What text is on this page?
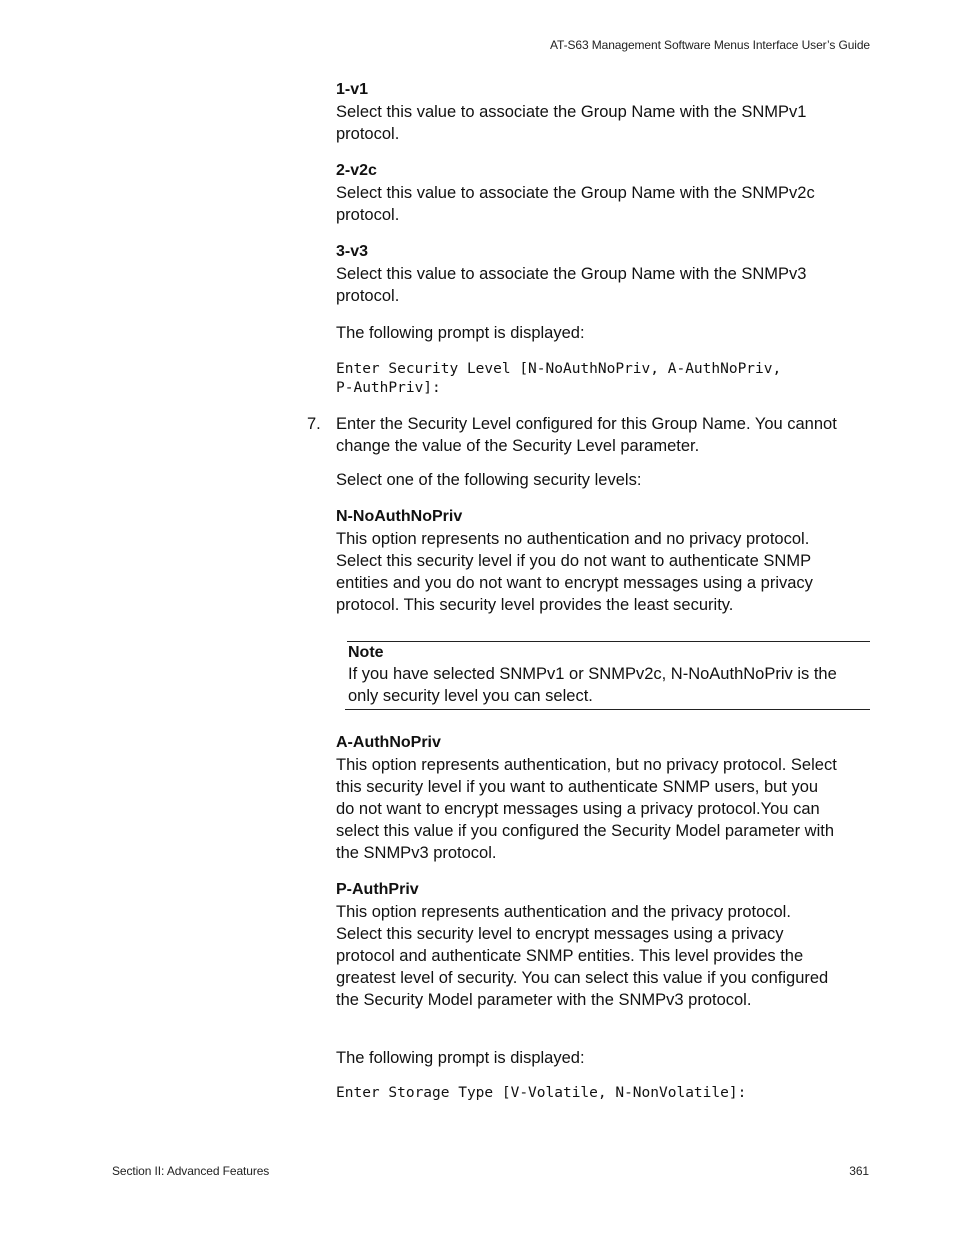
AT-S63 Management Software Menus Interface User’s Guide
1-v1
Select this value to associate the Group Name with the SNMPv1 protocol.
2-v2c
Select this value to associate the Group Name with the SNMPv2c protocol.
3-v3
Select this value to associate the Group Name with the SNMPv3 protocol.
The following prompt is displayed:
Enter Security Level [N-NoAuthNoPriv, A-AuthNoPriv,
P-AuthPriv]:
7. Enter the Security Level configured for this Group Name. You cannot change the value of the Security Level parameter.
Select one of the following security levels:
N-NoAuthNoPriv
This option represents no authentication and no privacy protocol. Select this security level if you do not want to authenticate SNMP entities and you do not want to encrypt messages using a privacy protocol. This security level provides the least security.
Note
If you have selected SNMPv1 or SNMPv2c, N-NoAuthNoPriv is the only security level you can select.
A-AuthNoPriv
This option represents authentication, but no privacy protocol. Select this security level if you want to authenticate SNMP users, but you do not want to encrypt messages using a privacy protocol.You can select this value if you configured the Security Model parameter with the SNMPv3 protocol.
P-AuthPriv
This option represents authentication and the privacy protocol. Select this security level to encrypt messages using a privacy protocol and authenticate SNMP entities. This level provides the greatest level of security. You can select this value if you configured the Security Model parameter with the SNMPv3 protocol.
The following prompt is displayed:
Enter Storage Type [V-Volatile, N-NonVolatile]:
Section II: Advanced Features	361
